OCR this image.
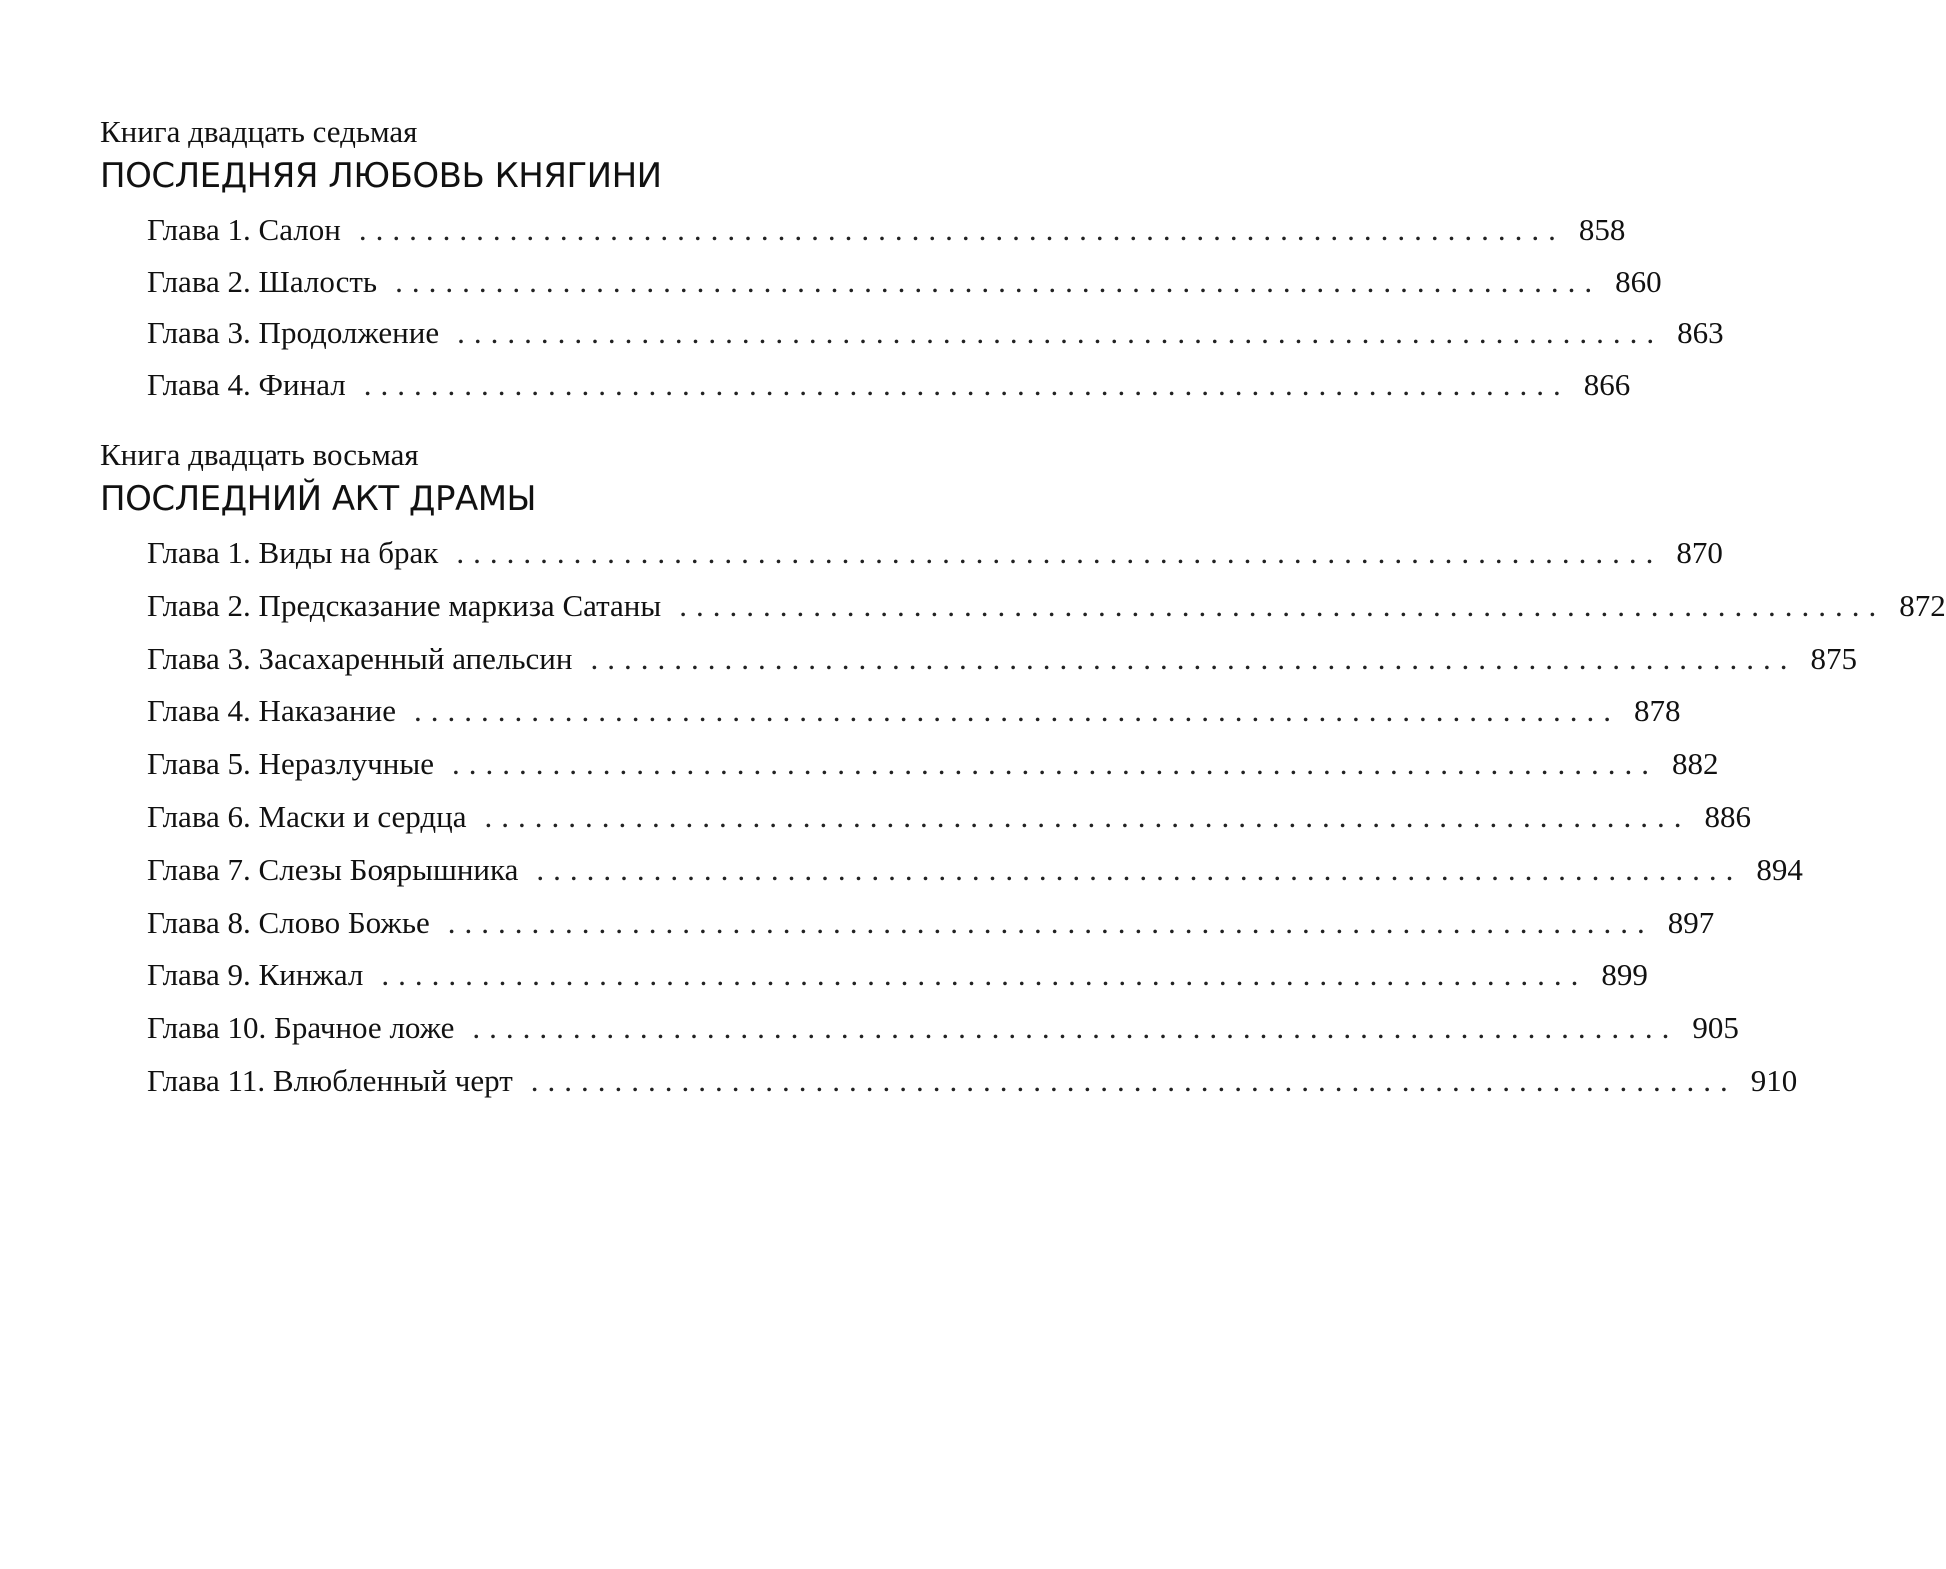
Книга двадцать седьмая
ПОСЛЕДНЯЯ ЛЮБОВЬ КНЯГИНИ
Глава 1. Салон ........................................................................ 858
Глава 2. Шалость ........................................................................ 860
Глава 3. Продолжение ........................................................................ 863
Глава 4. Финал ........................................................................ 866
Книга двадцать восьмая
ПОСЛЕДНИЙ АКТ ДРАМЫ
Глава 1. Виды на брак ........................................................................ 870
Глава 2. Предсказание маркиза Сатаны ........................................................................ 872
Глава 3. Засахаренный апельсин ........................................................................ 875
Глава 4. Наказание ........................................................................ 878
Глава 5. Неразлучные ........................................................................ 882
Глава 6. Маски и сердца ........................................................................ 886
Глава 7. Слезы Боярышника ........................................................................ 894
Глава 8. Слово Божье ........................................................................ 897
Глава 9. Кинжал ........................................................................ 899
Глава 10. Брачное ложе ........................................................................ 905
Глава 11. Влюбленный черт ........................................................................ 910
